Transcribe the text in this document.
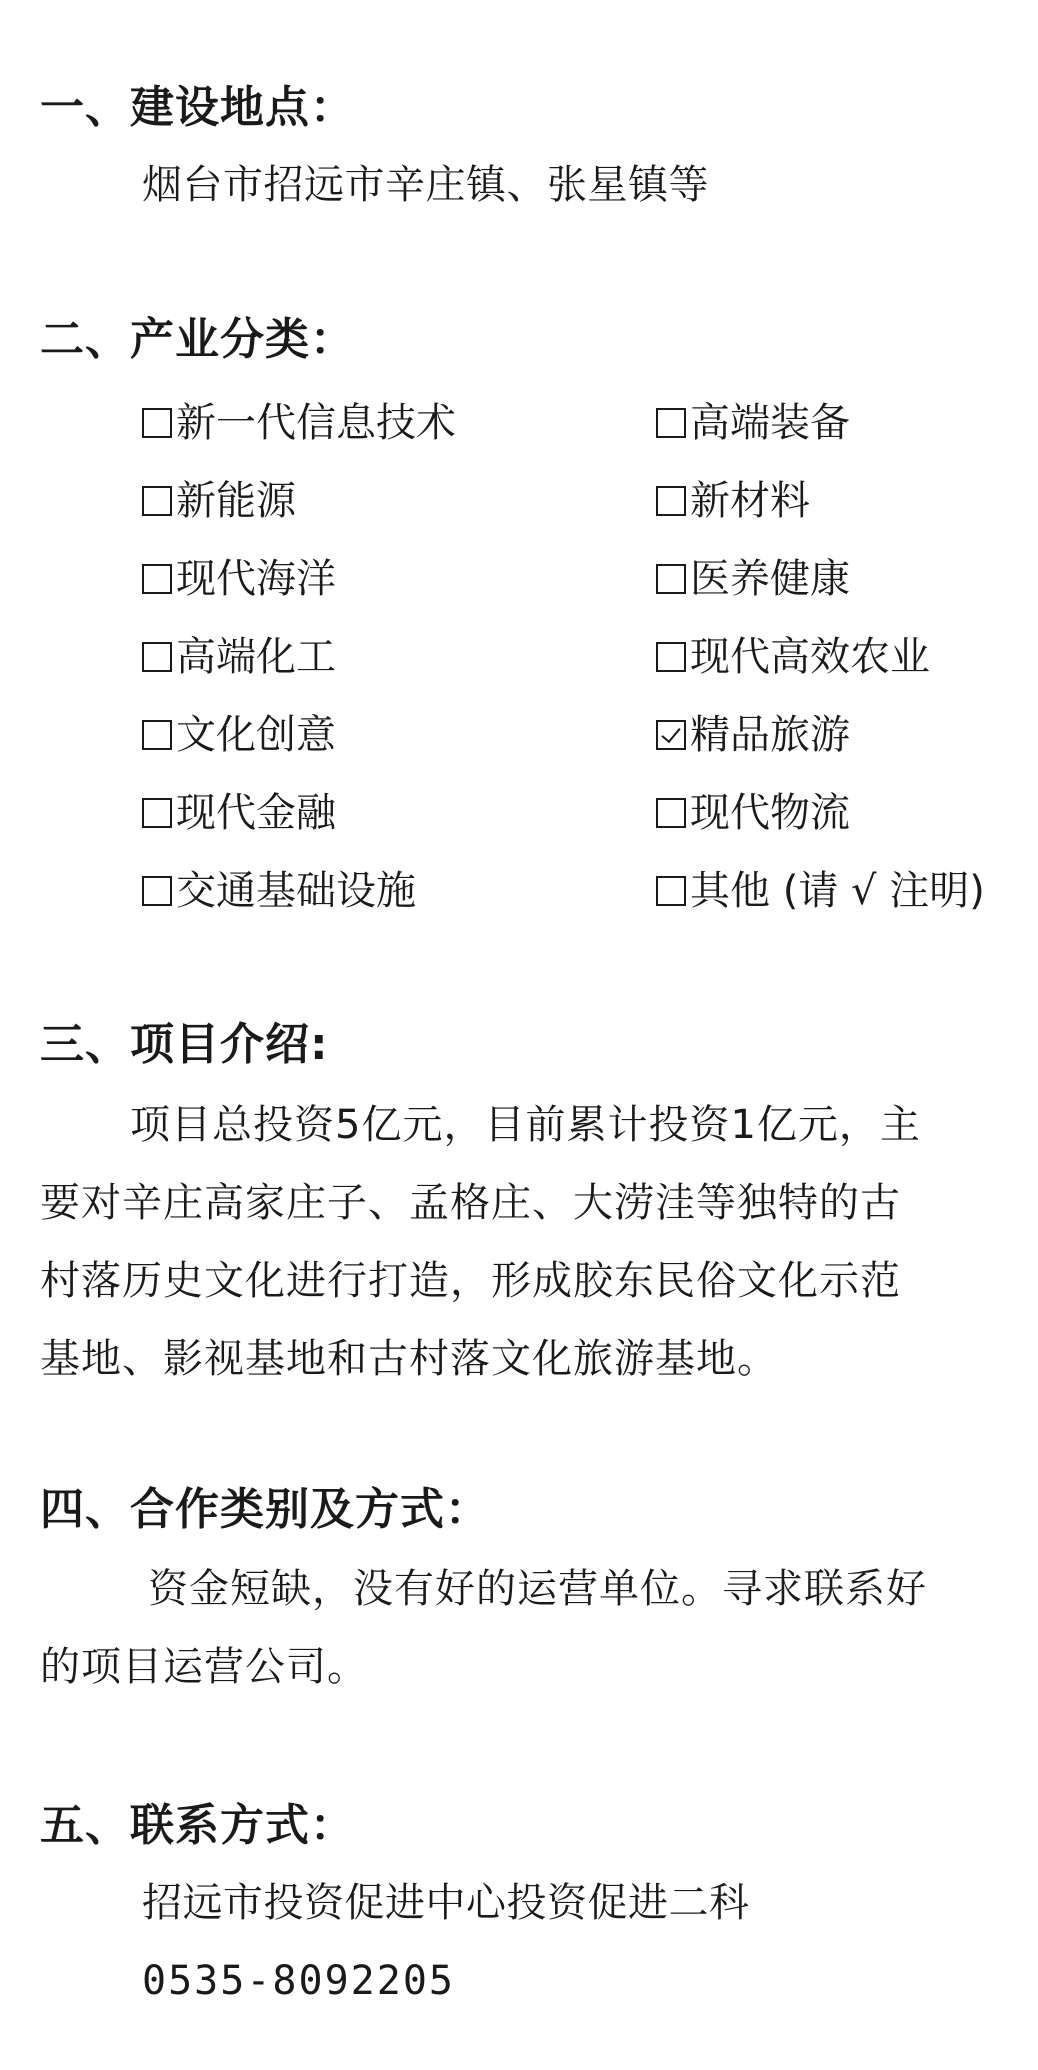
一、建设地点：
烟台市招远市辛庄镇、张星镇等
二、产业分类：
新一代信息技术	高端装备
新能源	新材料
现代海洋	医养健康
高端化工	现代高效农业
文化创意	精品旅游
现代金融	现代物流
交通基础设施	其他 (请 √ 注明)
三、项目介绍:
项目总投资5亿元，目前累计投资1亿元，主
要对辛庄高家庄子、孟格庄、大涝洼等独特的古
村落历史文化进行打造，形成胶东民俗文化示范
基地、影视基地和古村落文化旅游基地。
四、合作类别及方式：
资金短缺，没有好的运营单位。寻求联系好
的项目运营公司。
五、联系方式：
招远市投资促进中心投资促进二科
0535-8092205
